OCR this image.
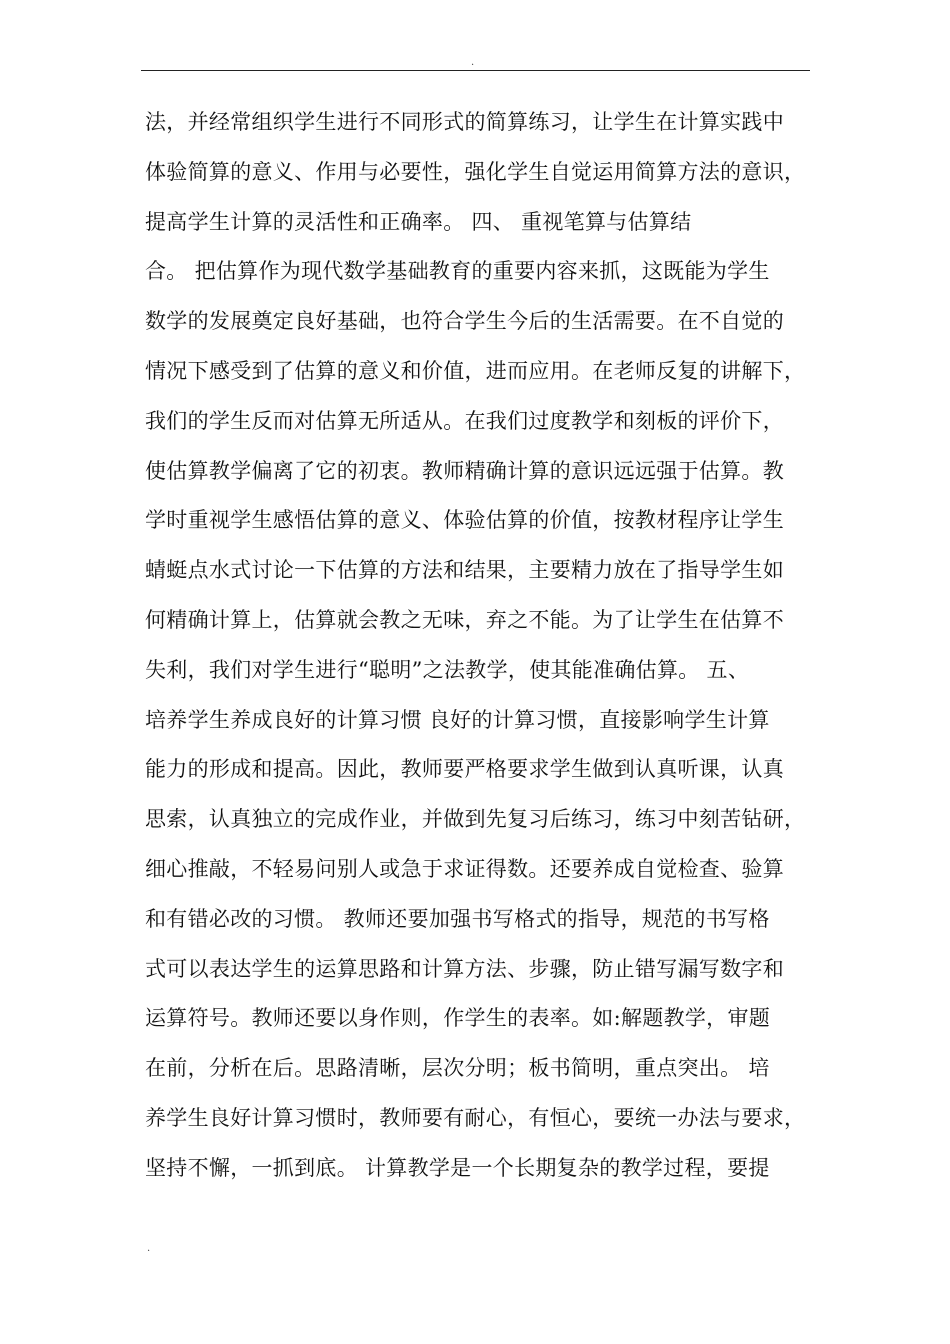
.
法，并经常组织学生进行不同形式的简算练习，让学生在计算实践中
体验简算的意义、作用与必要性，强化学生自觉运用简算方法的意识，
提高学生计算的灵活性和正确率。 四、 重视笔算与估算结
合。 把估算作为现代数学基础教育的重要内容来抓，这既能为学生
数学的发展奠定良好基础，也符合学生今后的生活需要。在不自觉的
情况下感受到了估算的意义和价值，进而应用。在老师反复的讲解下，
我们的学生反而对估算无所适从。在我们过度教学和刻板的评价下，
使估算教学偏离了它的初衷。教师精确计算的意识远远强于估算。教
学时重视学生感悟估算的意义、体验估算的价值，按教材程序让学生
蜻蜓点水式讨论一下估算的方法和结果，主要精力放在了指导学生如
何精确计算上，估算就会教之无味，弃之不能。为了让学生在估算不
失利，我们对学生进行“聪明”之法教学，使其能准确估算。 五、
培养学生养成良好的计算习惯 良好的计算习惯，直接影响学生计算
能力的形成和提高。因此，教师要严格要求学生做到认真听课，认真
思索，认真独立的完成作业，并做到先复习后练习，练习中刻苦钻研，
细心推敲，不轻易问别人或急于求证得数。还要养成自觉检查、验算
和有错必改的习惯。 教师还要加强书写格式的指导，规范的书写格
式可以表达学生的运算思路和计算方法、步骤，防止错写漏写数字和
运算符号。教师还要以身作则，作学生的表率。如:解题教学，审题
在前，分析在后。思路清晰，层次分明；板书简明，重点突出。 培
养学生良好计算习惯时，教师要有耐心，有恒心，要统一办法与要求，
坚持不懈，一抓到底。 计算教学是一个长期复杂的教学过程，要提
.
